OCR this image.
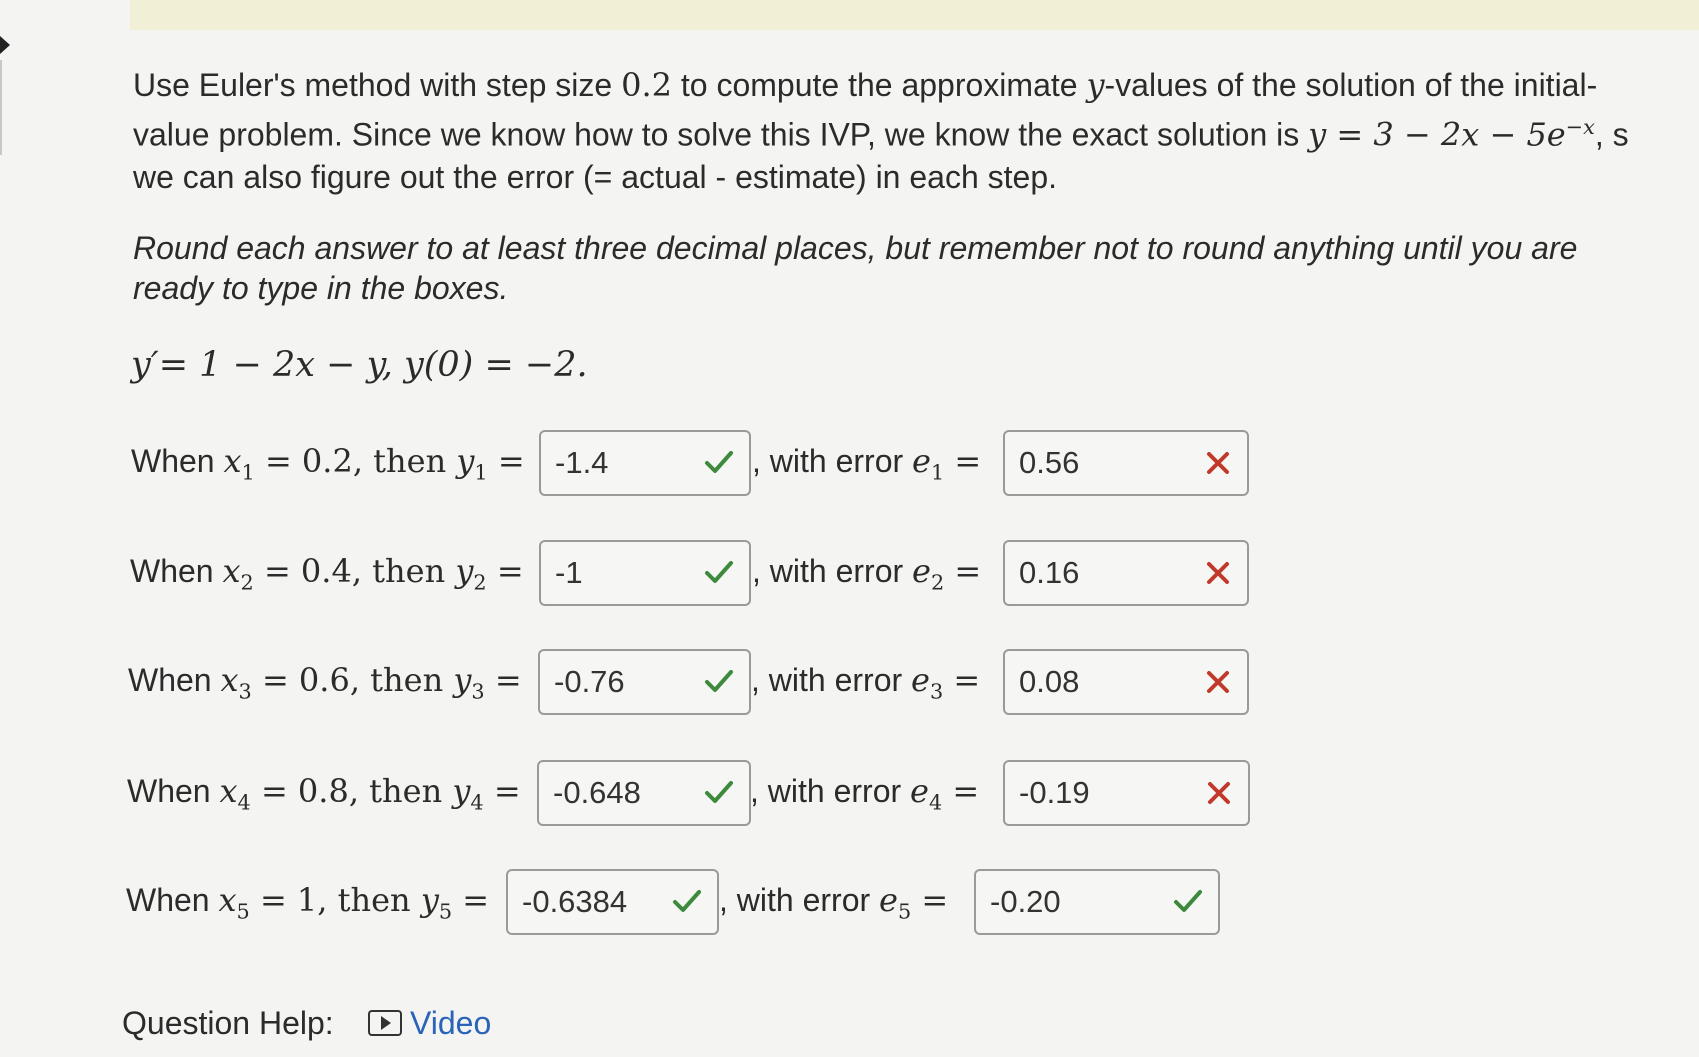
Use Euler's method with step size 0.2 to compute the approximate y-values of the solution of the initial-
value problem. Since we know how to solve this IVP, we know the exact solution is $y = 3 - 2x - 5e^{-x}$, s
we can also figure out the error (= actual - estimate) in each step.
Round each answer to at least three decimal places, but remember not to round anything until you are
ready to type in the boxes.
y′= 1 − 2x − y, y(0) = −2.
When $x_1 = 0.2$, then $y_1 = -1.4$	, with error $e_1 = 0.56$
When $x_2 = 0.4$, then $y_2 = -1$	, with error $e_2 = 0.16$
When $x_3 = 0.6$, then $y_3 = -0.76$	, with error $e_3 = 0.08$
When $x_4 = 0.8$, then $y_4 = -0.648$	, with error $e_4 = -0.19$
When $x_5 = 1$, then $y_5 = -0.6384$	, with error $e_5 = -0.20$
Question Help:	Video
